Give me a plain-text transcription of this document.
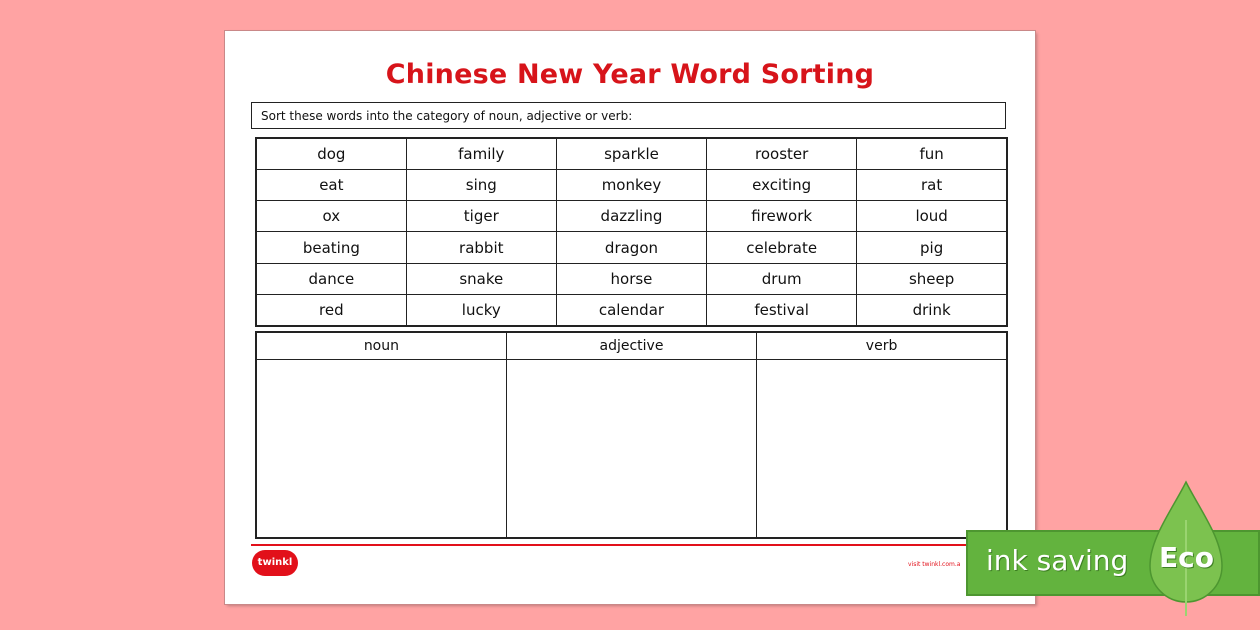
Chinese New Year Word Sorting
Sort these words into the category of noun, adjective or verb:
dog	family	sparkle	rooster	fun
eat	sing	monkey	exciting	rat
ox	tiger	dazzling	firework	loud
beating	rabbit	dragon	celebrate	pig
dance	snake	horse	drum	sheep
red	lucky	calendar	festival	drink
noun	adjective	verb

twinkl	visit twinkl.com.a ink saving Eco
